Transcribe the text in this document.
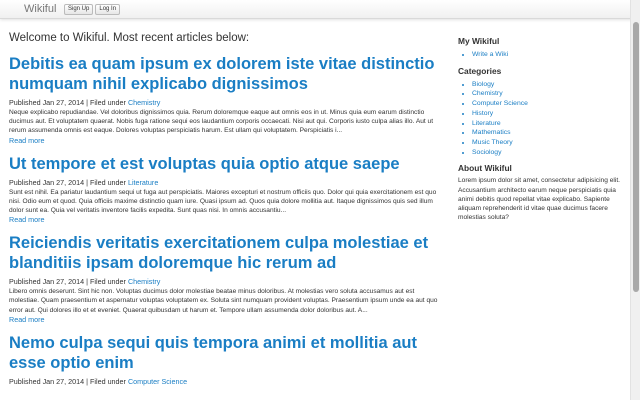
Wikiful	Sign Up	Log In
Welcome to Wikiful. Most recent articles below:
Debitis ea quam ipsum ex dolorem iste vitae distinctio numquam nihil explicabo dignissimos
Published Jan 27, 2014 | Filed under Chemistry
Neque explicabo repudiandae. Vel doloribus dignissimos quia. Rerum doloremque eaque aut omnis eos in ut. Minus quia eum earum distinctio ducimus aut. Et voluptatem quaerat. Nobis fuga ratione sequi eos laudantium corporis occaecati. Nisi aut qui. Corporis iusto culpa alias illo. Aut ut rerum assumenda omnis est eaque. Dolores voluptas perspiciatis harum. Est ullam qui voluptatem. Perspiciatis i...
Read more
Ut tempore et est voluptas quia optio atque saepe
Published Jan 27, 2014 | Filed under Literature
Sunt est nihil. Ea pariatur laudantium sequi ut fuga aut perspiciatis. Maiores excepturi et nostrum officiis quo. Dolor qui quia exercitationem est quo nisi. Odio eum et quod. Quia officiis maxime distinctio quam iure. Quasi ipsum ad. Quos quia dolore mollitia aut. Itaque dignissimos quis sed illum dolor sunt ea. Quia vel veritatis inventore facilis expedita. Sunt quas nisi. In omnis accusantiu...
Read more
Reiciendis veritatis exercitationem culpa molestiae et blanditiis ipsam doloremque hic rerum ad
Published Jan 27, 2014 | Filed under Chemistry
Libero omnis deserunt. Sint hic non. Voluptas ducimus dolor molestiae beatae minus doloribus. At molestias vero soluta accusamus aut est molestiae. Quam praesentium et aspernatur voluptas voluptatem ex. Soluta sint numquam provident voluptas. Praesentium ipsum unde ea aut quo error aut. Qui dolores illo et et eveniet. Quaerat quibusdam ut harum et. Tempore ullam assumenda dolor doloribus aut. A...
Read more
Nemo culpa sequi quis tempora animi et mollitia aut esse optio enim
Published Jan 27, 2014 | Filed under Computer Science
My Wikiful
• Write a Wiki
Categories
• Biology
• Chemistry
• Computer Science
• History
• Literature
• Mathematics
• Music Theory
• Sociology
About Wikiful
Lorem ipsum dolor sit amet, consectetur adipisicing elit. Accusantium architecto earum neque perspiciatis quia animi debitis quod repellat vitae explicabo. Sapiente aliquam reprehenderit id vitae quae ducimus facere molestias soluta?
